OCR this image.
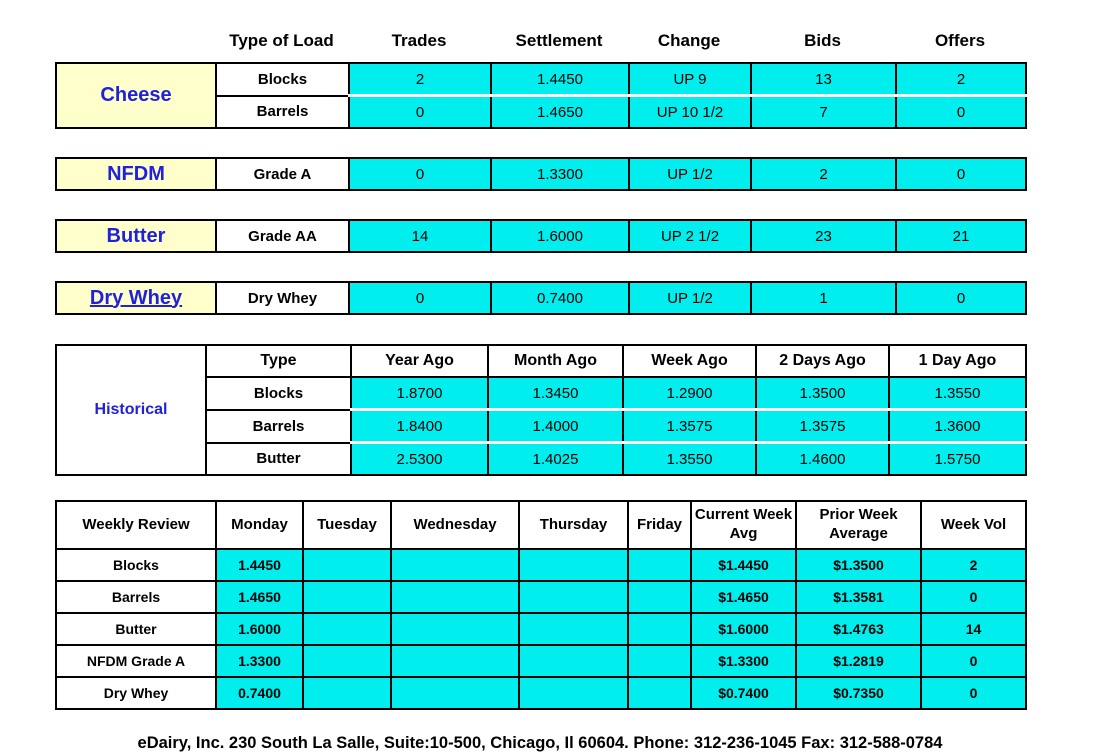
	Type of Load	Trades	Settlement	Change	Bids	Offers
Cheese	Blocks	2	1.4450	UP 9	13	2
	Barrels	0	1.4650	UP 10 1/2	7	0
NFDM	Grade A	0	1.3300	UP 1/2	2	0
Butter	Grade AA	14	1.6000	UP 2 1/2	23	21
Dry Whey	Dry Whey	0	0.7400	UP 1/2	1	0
Historical	Type	Year Ago	Month Ago	Week Ago	2 Days Ago	1 Day Ago
	Blocks	1.8700	1.3450	1.2900	1.3500	1.3550
	Barrels	1.8400	1.4000	1.3575	1.3575	1.3600
	Butter	2.5300	1.4025	1.3550	1.4600	1.5750
Weekly Review	Monday	Tuesday	Wednesday	Thursday	Friday	Current Week Avg	Prior Week Average	Week Vol
Blocks	1.4450					$1.4450	$1.3500	2
Barrels	1.4650					$1.4650	$1.3581	0
Butter	1.6000					$1.6000	$1.4763	14
NFDM Grade A	1.3300					$1.3300	$1.2819	0
Dry Whey	0.7400					$0.7400	$0.7350	0
eDairy, Inc. 230 South La Salle, Suite:10-500, Chicago, Il 60604. Phone: 312-236-1045 Fax: 312-588-0784
